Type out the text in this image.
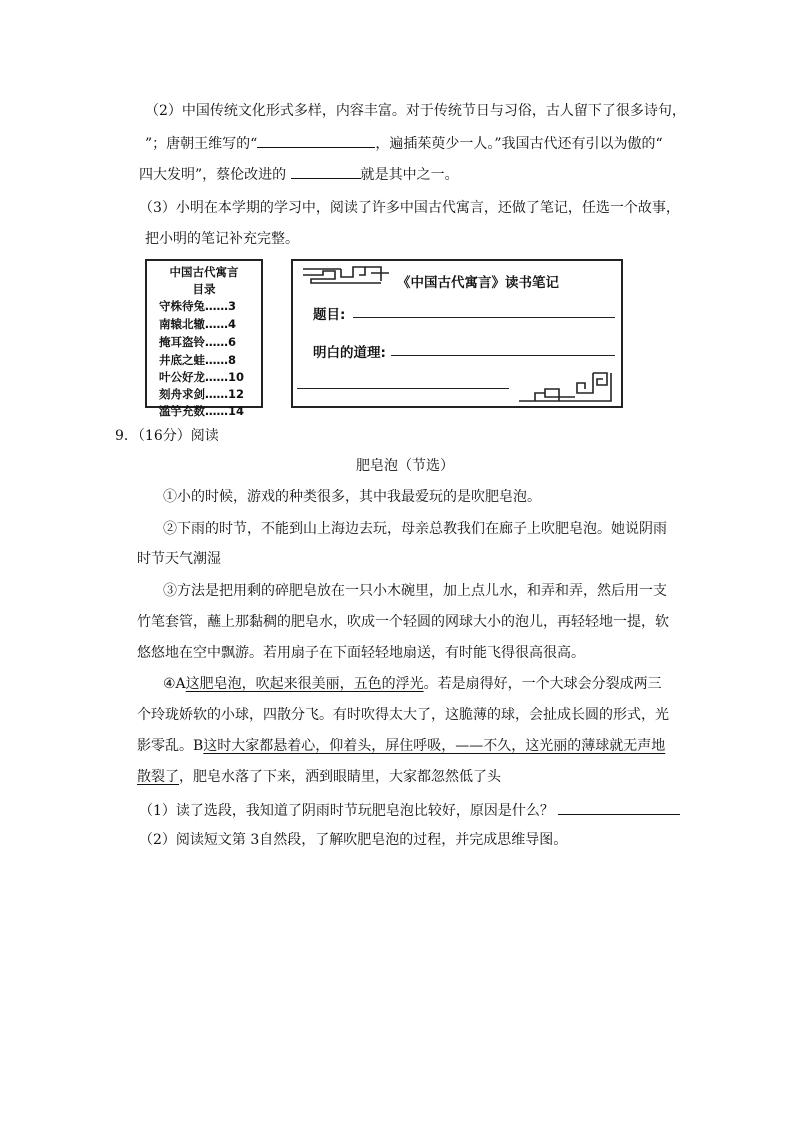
（2）中国传统文化形式多样，内容丰富。对于传统节日与习俗，古人留下了很多诗句，
”；唐朝王维写的“	，遍插茱萸少一人。”我国古代还有引以为傲的“
四大发明”，蔡伦改进的	就是其中之一。
（3）小明在本学期的学习中，阅读了许多中国古代寓言，还做了笔记，任选一个故事，
把小明的笔记补充完整。
中国古代寓言
目录
守株待兔……3
南辕北辙……4
掩耳盗铃……6
井底之蛙……8
叶公好龙……10
刻舟求剑……12
滥竽充数……14
《中国古代寓言》读书笔记
题目:
明白的道理:
9．（16分）阅读
肥皂泡（节选）
①小的时候，游戏的种类很多，其中我最爱玩的是吹肥皂泡。
②下雨的时节，不能到山上海边去玩，母亲总教我们在廊子上吹肥皂泡。她说阴雨
时节天气潮湿
③方法是把用剩的碎肥皂放在一只小木碗里，加上点儿水，和弄和弄，然后用一支
竹笔套管，蘸上那黏稠的肥皂水，吹成一个轻圆的网球大小的泡儿，再轻轻地一提，软
悠悠地在空中飘游。若用扇子在下面轻轻地扇送，有时能飞得很高很高。
④A这肥皂泡，吹起来很美丽，五色的浮光。若是扇得好，一个大球会分裂成两三
个玲珑娇软的小球，四散分飞。有时吹得太大了，这脆薄的球，会扯成长圆的形式，光
影零乱。B这时大家都悬着心，仰着头，屏住呼吸，——不久，这光丽的薄球就无声地
散裂了，肥皂水落了下来，洒到眼睛里，大家都忽然低了头
（1）读了选段，我知道了阴雨时节玩肥皂泡比较好，原因是什么？
（2）阅读短文第 3自然段，了解吹肥皂泡的过程，并完成思维导图。
